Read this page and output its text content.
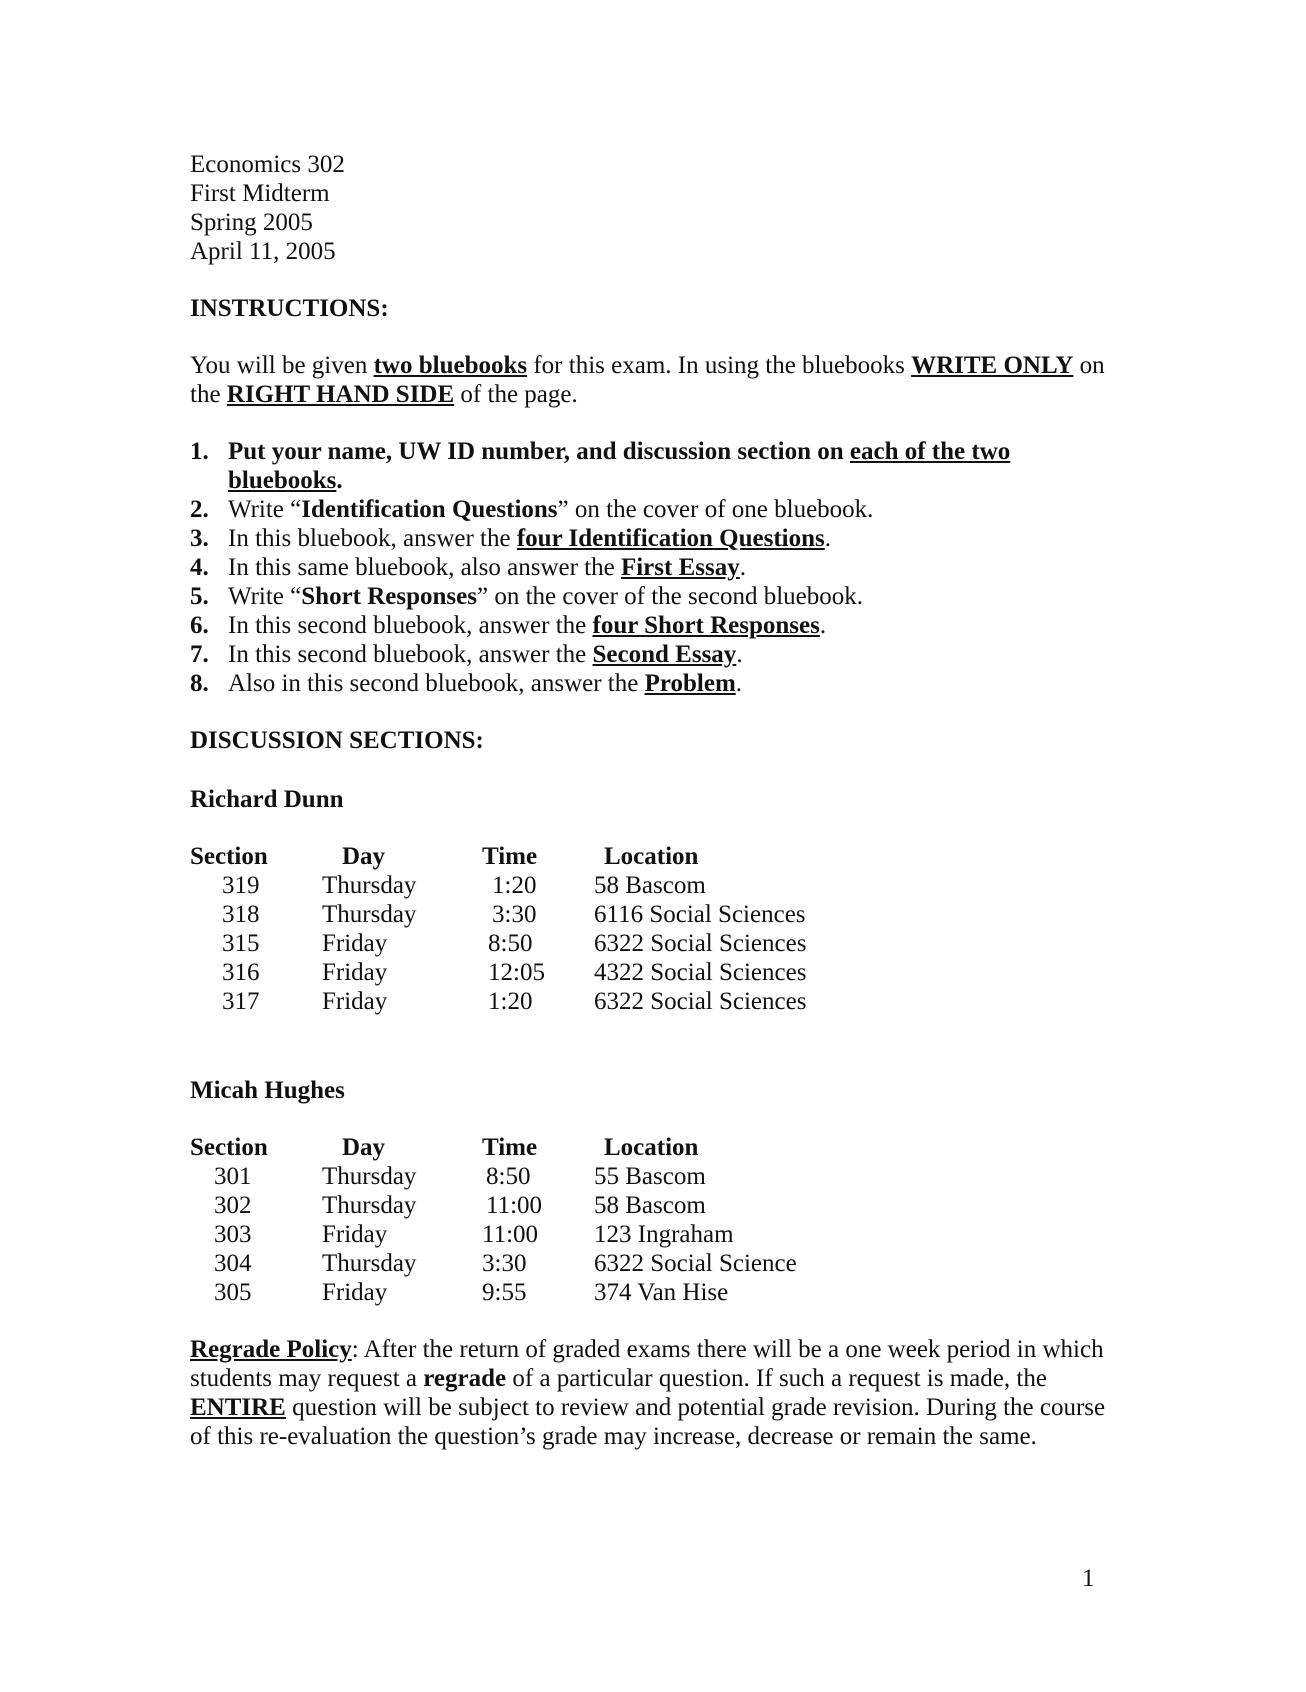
Economics 302
First Midterm
Spring 2005
April 11, 2005
INSTRUCTIONS:
You will be given two bluebooks for this exam. In using the bluebooks WRITE ONLY on the RIGHT HAND SIDE of the page.
1. Put your name, UW ID number, and discussion section on each of the two bluebooks.
2. Write “Identification Questions” on the cover of one bluebook.
3. In this bluebook, answer the four Identification Questions.
4. In this same bluebook, also answer the First Essay.
5. Write “Short Responses” on the cover of the second bluebook.
6. In this second bluebook, answer the four Short Responses.
7. In this second bluebook, answer the Second Essay.
8. Also in this second bluebook, answer the Problem.
DISCUSSION SECTIONS:
Richard Dunn
Section	Day	Time	Location
319	Thursday	1:20	58 Bascom
318	Thursday	3:30	6116 Social Sciences
315	Friday	8:50	6322 Social Sciences
316	Friday	12:05	4322 Social Sciences
317	Friday	1:20	6322 Social Sciences
Micah Hughes
Section	Day	Time	Location
301	Thursday	8:50	55 Bascom
302	Thursday	11:00	58 Bascom
303	Friday	11:00	123 Ingraham
304	Thursday	3:30	6322 Social Science
305	Friday	9:55	374 Van Hise
Regrade Policy: After the return of graded exams there will be a one week period in which students may request a regrade of a particular question. If such a request is made, the ENTIRE question will be subject to review and potential grade revision. During the course of this re-evaluation the question’s grade may increase, decrease or remain the same.
1
